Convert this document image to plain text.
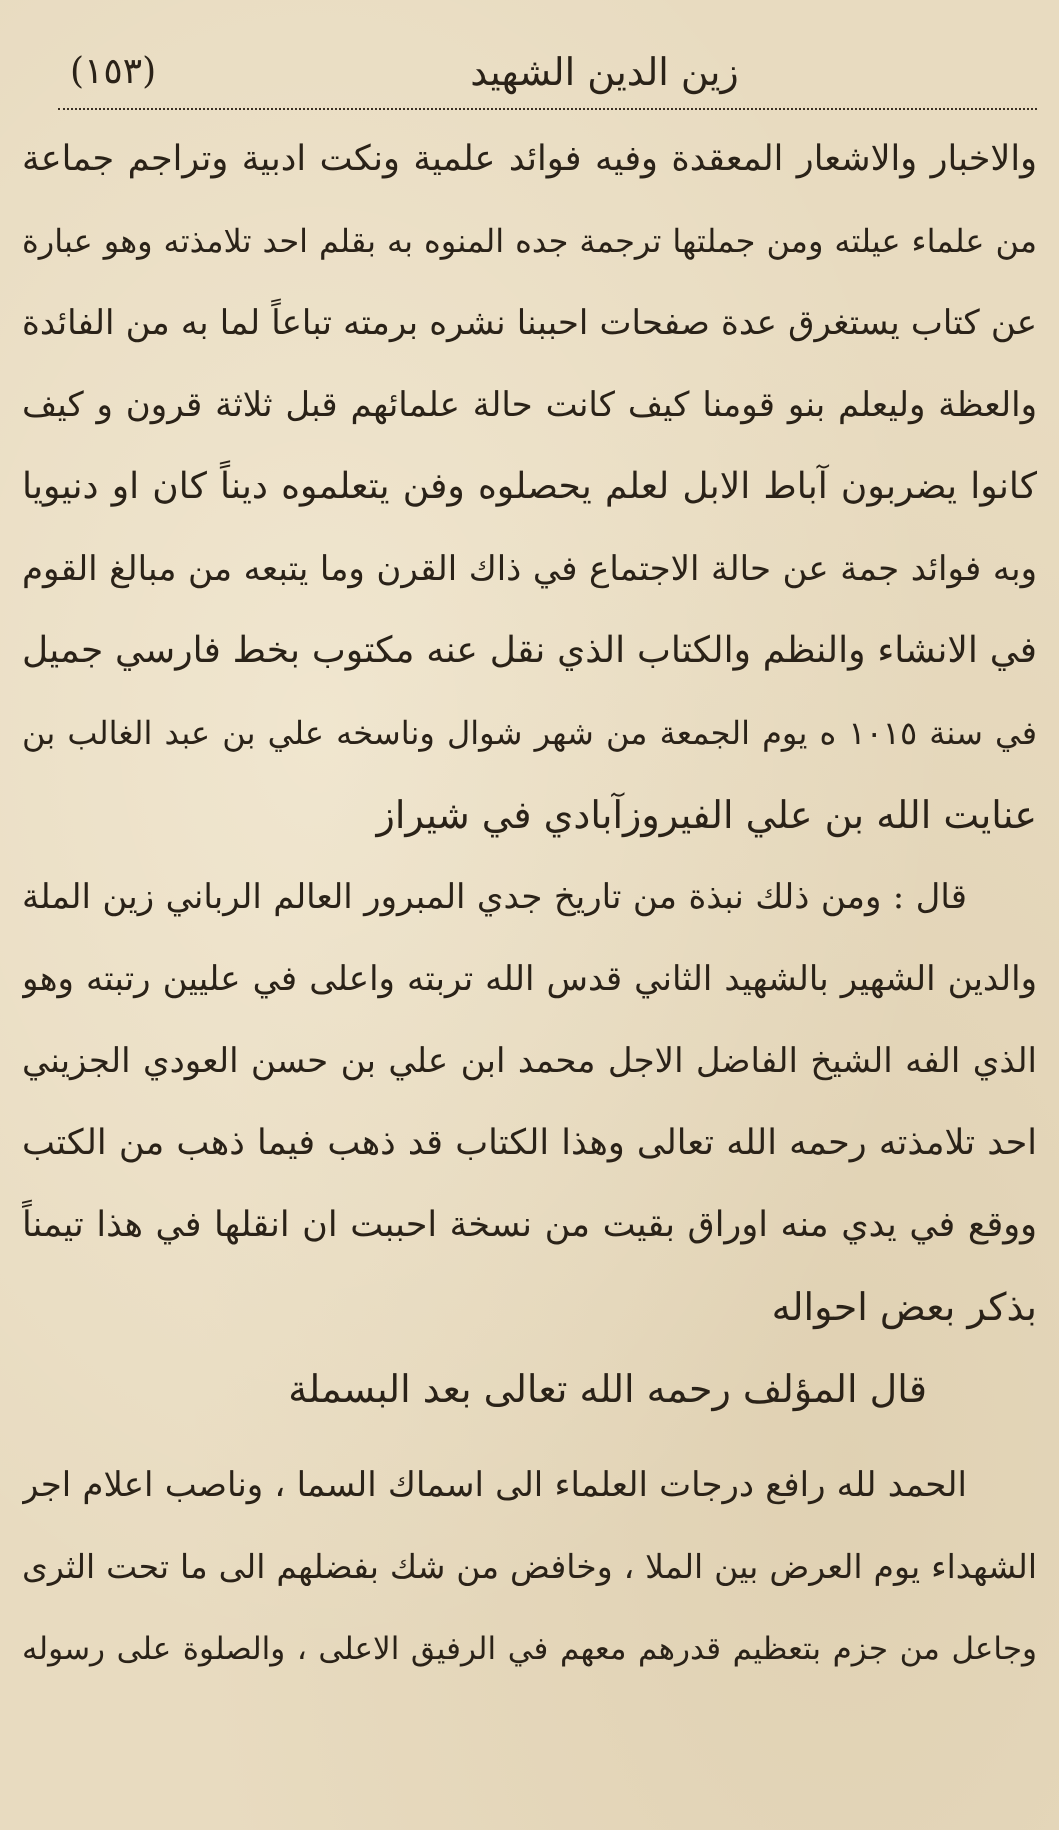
زين الدين الشهيد
(١٥٣)
والاخبار والاشعار المعقدة وفيه فوائد علمية ونكت ادبية وتراجم جماعة
من علماء عيلته ومن جملتها ترجمة جده المنوه به بقلم احد تلامذته وهو عبارة
عن كتاب يستغرق عدة صفحات احببنا نشره برمته تباعاً لما به من الفائدة
والعظة وليعلم بنو قومنا كيف كانت حالة علمائهم قبل ثلاثة قرون و كيف
كانوا يضربون آباط الابل لعلم يحصلوه وفن يتعلموه ديناً كان او دنيويا
وبه فوائد جمة عن حالة الاجتماع في ذاك القرن وما يتبعه من مبالغ القوم
في الانشاء والنظم والكتاب الذي نقل عنه مكتوب بخط فارسي جميل
في سنة ١٠١٥ ه يوم الجمعة من شهر شوال وناسخه علي بن عبد الغالب بن
عنايت الله بن علي الفيروزآبادي في شيراز
قال : ومن ذلك نبذة من تاريخ جدي المبرور العالم الرباني زين الملة
والدين الشهير بالشهيد الثاني قدس الله تربته واعلى في عليين رتبته وهو
الذي الفه الشيخ الفاضل الاجل محمد ابن علي بن حسن العودي الجزيني
احد تلامذته رحمه الله تعالى وهذا الكتاب قد ذهب فيما ذهب من الكتب
ووقع في يدي منه اوراق بقيت من نسخة احببت ان انقلها في هذا تيمناً
بذكر بعض احواله
قال المؤلف رحمه الله تعالى بعد البسملة
الحمد لله رافع درجات العلماء الى اسماك السما ، وناصب اعلام اجر
الشهداء يوم العرض بين الملا ، وخافض من شك بفضلهم الى ما تحت الثرى
وجاعل من جزم بتعظيم قدرهم معهم في الرفيق الاعلى ، والصلوة على رسوله
